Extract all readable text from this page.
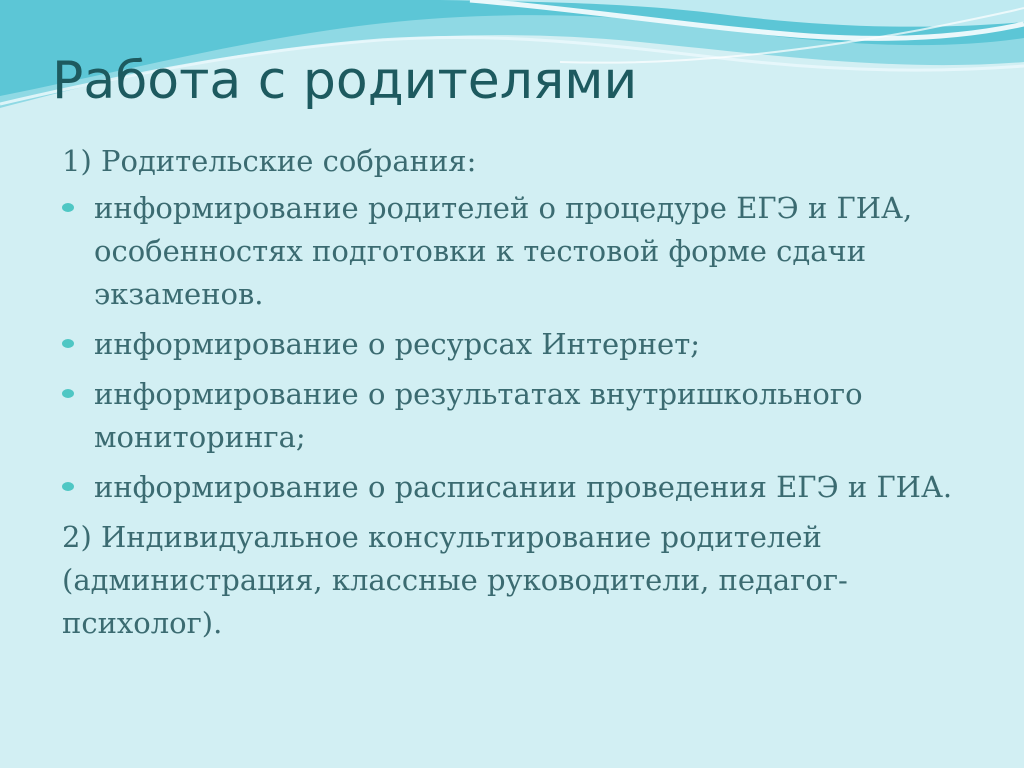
Работа с родителями

1) Родительские собрания:

информирование родителей о процедуре ЕГЭ и ГИА, особенностях подготовки к тестовой форме сдачи экзаменов.
информирование о ресурсах Интернет;
информирование о результатах внутришкольного мониторинга;
информирование о расписании проведения ЕГЭ и ГИА.

2) Индивидуальное консультирование родителей (администрация, классные руководители, педагог-психолог).
